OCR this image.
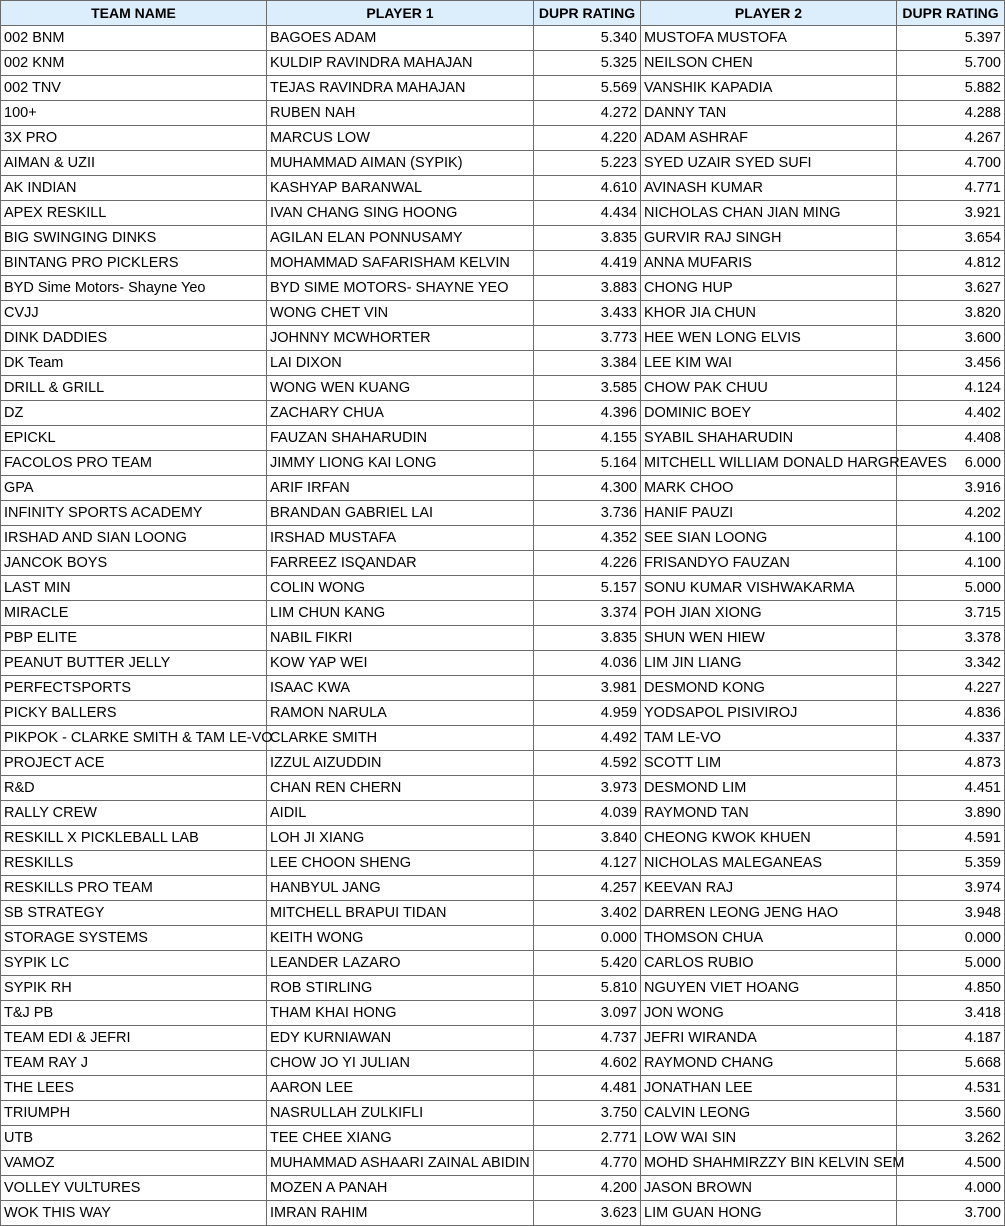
TEAM NAME	PLAYER 1	DUPR RATING	PLAYER 2	DUPR RATING
002 BNM	BAGOES ADAM	5.340	MUSTOFA MUSTOFA	5.397
002 KNM	KULDIP RAVINDRA MAHAJAN	5.325	NEILSON CHEN	5.700
002 TNV	TEJAS RAVINDRA MAHAJAN	5.569	VANSHIK KAPADIA	5.882
100+	RUBEN NAH	4.272	DANNY TAN	4.288
3X PRO	MARCUS LOW	4.220	ADAM ASHRAF	4.267
AIMAN & UZII	MUHAMMAD AIMAN (SYPIK)	5.223	SYED UZAIR SYED SUFI	4.700
AK INDIAN	KASHYAP BARANWAL	4.610	AVINASH KUMAR	4.771
APEX RESKILL	IVAN CHANG SING HOONG	4.434	NICHOLAS CHAN JIAN MING	3.921
BIG SWINGING DINKS	AGILAN ELAN PONNUSAMY	3.835	GURVIR RAJ SINGH	3.654
BINTANG PRO PICKLERS	MOHAMMAD SAFARISHAM KELVIN	4.419	ANNA MUFARIS	4.812
BYD Sime Motors- Shayne Yeo	BYD SIME MOTORS- SHAYNE YEO	3.883	CHONG HUP	3.627
CVJJ	WONG CHET VIN	3.433	KHOR JIA CHUN	3.820
DINK DADDIES	JOHNNY MCWHORTER	3.773	HEE WEN LONG ELVIS	3.600
DK Team	LAI DIXON	3.384	LEE KIM WAI	3.456
DRILL & GRILL	WONG WEN KUANG	3.585	CHOW PAK CHUU	4.124
DZ	ZACHARY CHUA	4.396	DOMINIC BOEY	4.402
EPICKL	FAUZAN SHAHARUDIN	4.155	SYABIL SHAHARUDIN	4.408
FACOLOS PRO TEAM	JIMMY LIONG KAI LONG	5.164	MITCHELL WILLIAM DONALD HARGREAVES	6.000
GPA	ARIF IRFAN	4.300	MARK CHOO	3.916
INFINITY SPORTS ACADEMY	BRANDAN GABRIEL LAI	3.736	HANIF PAUZI	4.202
IRSHAD AND SIAN LOONG	IRSHAD MUSTAFA	4.352	SEE SIAN LOONG	4.100
JANCOK BOYS	FARREEZ ISQANDAR	4.226	FRISANDYO FAUZAN	4.100
LAST MIN	COLIN WONG	5.157	SONU KUMAR VISHWAKARMA	5.000
MIRACLE	LIM CHUN KANG	3.374	POH JIAN XIONG	3.715
PBP ELITE	NABIL FIKRI	3.835	SHUN WEN HIEW	3.378
PEANUT BUTTER JELLY	KOW YAP WEI	4.036	LIM JIN LIANG	3.342
PERFECTSPORTS	ISAAC KWA	3.981	DESMOND KONG	4.227
PICKY BALLERS	RAMON NARULA	4.959	YODSAPOL PISIVIROJ	4.836
PIKPOK - CLARKE SMITH & TAM LE-VO	CLARKE SMITH	4.492	TAM LE-VO	4.337
PROJECT ACE	IZZUL AIZUDDIN	4.592	SCOTT LIM	4.873
R&D	CHAN REN CHERN	3.973	DESMOND LIM	4.451
RALLY CREW	AIDIL	4.039	RAYMOND TAN	3.890
RESKILL X PICKLEBALL LAB	LOH JI XIANG	3.840	CHEONG KWOK KHUEN	4.591
RESKILLS	LEE CHOON SHENG	4.127	NICHOLAS MALEGANEAS	5.359
RESKILLS PRO TEAM	HANBYUL JANG	4.257	KEEVAN RAJ	3.974
SB STRATEGY	MITCHELL BRAPUI TIDAN	3.402	DARREN LEONG JENG HAO	3.948
STORAGE SYSTEMS	KEITH WONG	0.000	THOMSON CHUA	0.000
SYPIK LC	LEANDER LAZARO	5.420	CARLOS RUBIO	5.000
SYPIK RH	ROB STIRLING	5.810	NGUYEN VIET HOANG	4.850
T&J PB	THAM KHAI HONG	3.097	JON WONG	3.418
TEAM EDI & JEFRI	EDY KURNIAWAN	4.737	JEFRI WIRANDA	4.187
TEAM RAY J	CHOW JO YI JULIAN	4.602	RAYMOND CHANG	5.668
THE LEES	AARON LEE	4.481	JONATHAN LEE	4.531
TRIUMPH	NASRULLAH ZULKIFLI	3.750	CALVIN LEONG	3.560
UTB	TEE CHEE XIANG	2.771	LOW WAI SIN	3.262
VAMOZ	MUHAMMAD ASHAARI ZAINAL ABIDIN	4.770	MOHD SHAHMIRZZY BIN KELVIN SEM	4.500
VOLLEY VULTURES	MOZEN A PANAH	4.200	JASON BROWN	4.000
WOK THIS WAY	IMRAN RAHIM	3.623	LIM GUAN HONG	3.700
